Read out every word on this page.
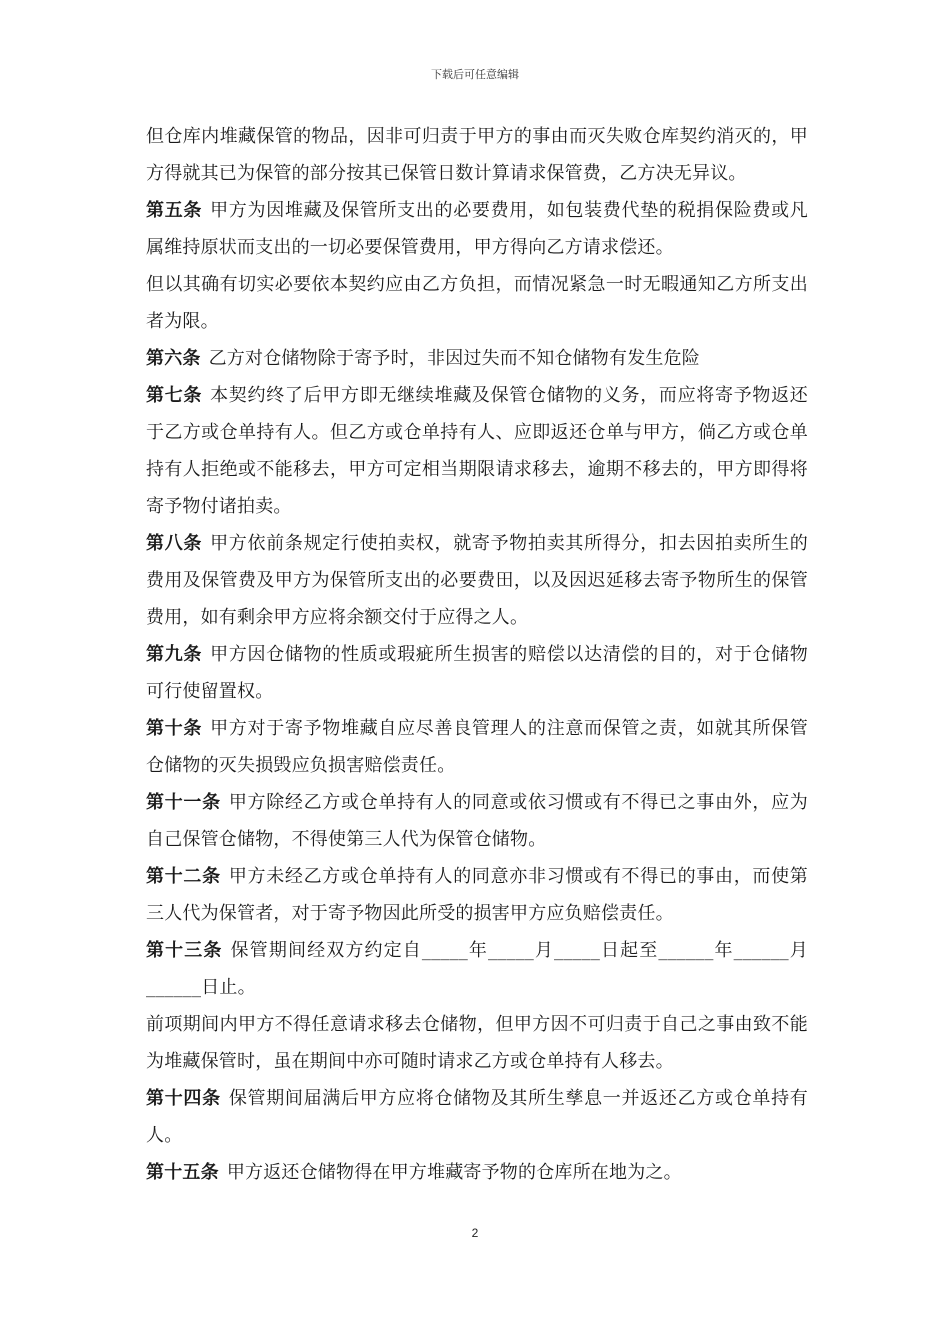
下载后可任意编辑

但仓库内堆藏保管的物品，因非可归责于甲方的事由而灭失败仓库契约消灭的，甲方得就其已为保管的部分按其已保管日数计算请求保管费，乙方决无异议。

第五条 甲方为因堆藏及保管所支出的必要费用，如包装费代垫的税捐保险费或凡属维持原状而支出的一切必要保管费用，甲方得向乙方请求偿还。

但以其确有切实必要依本契约应由乙方负担，而情况紧急一时无暇通知乙方所支出者为限。

第六条 乙方对仓储物除于寄予时，非因过失而不知仓储物有发生危险

第七条 本契约终了后甲方即无继续堆藏及保管仓储物的义务，而应将寄予物返还于乙方或仓单持有人。但乙方或仓单持有人、应即返还仓单与甲方，倘乙方或仓单持有人拒绝或不能移去，甲方可定相当期限请求移去，逾期不移去的，甲方即得将寄予物付诸拍卖。

第八条 甲方依前条规定行使拍卖权，就寄予物拍卖其所得分，扣去因拍卖所生的费用及保管费及甲方为保管所支出的必要费田，以及因迟延移去寄予物所生的保管费用，如有剩余甲方应将余额交付于应得之人。

第九条 甲方因仓储物的性质或瑕疵所生损害的赔偿以达清偿的目的，对于仓储物可行使留置权。

第十条 甲方对于寄予物堆藏自应尽善良管理人的注意而保管之责，如就其所保管仓储物的灭失损毁应负损害赔偿责任。

第十一条 甲方除经乙方或仓单持有人的同意或依习惯或有不得已之事由外，应为自己保管仓储物，不得使第三人代为保管仓储物。

第十二条 甲方未经乙方或仓单持有人的同意亦非习惯或有不得已的事由，而使第三人代为保管者，对于寄予物因此所受的损害甲方应负赔偿责任。

第十三条 保管期间经双方约定自_____年_____月_____日起至______年______月______日止。

前项期间内甲方不得任意请求移去仓储物，但甲方因不可归责于自己之事由致不能为堆藏保管时，虽在期间中亦可随时请求乙方或仓单持有人移去。

第十四条 保管期间届满后甲方应将仓储物及其所生孳息一并返还乙方或仓单持有人。

第十五条 甲方返还仓储物得在甲方堆藏寄予物的仓库所在地为之。

2
